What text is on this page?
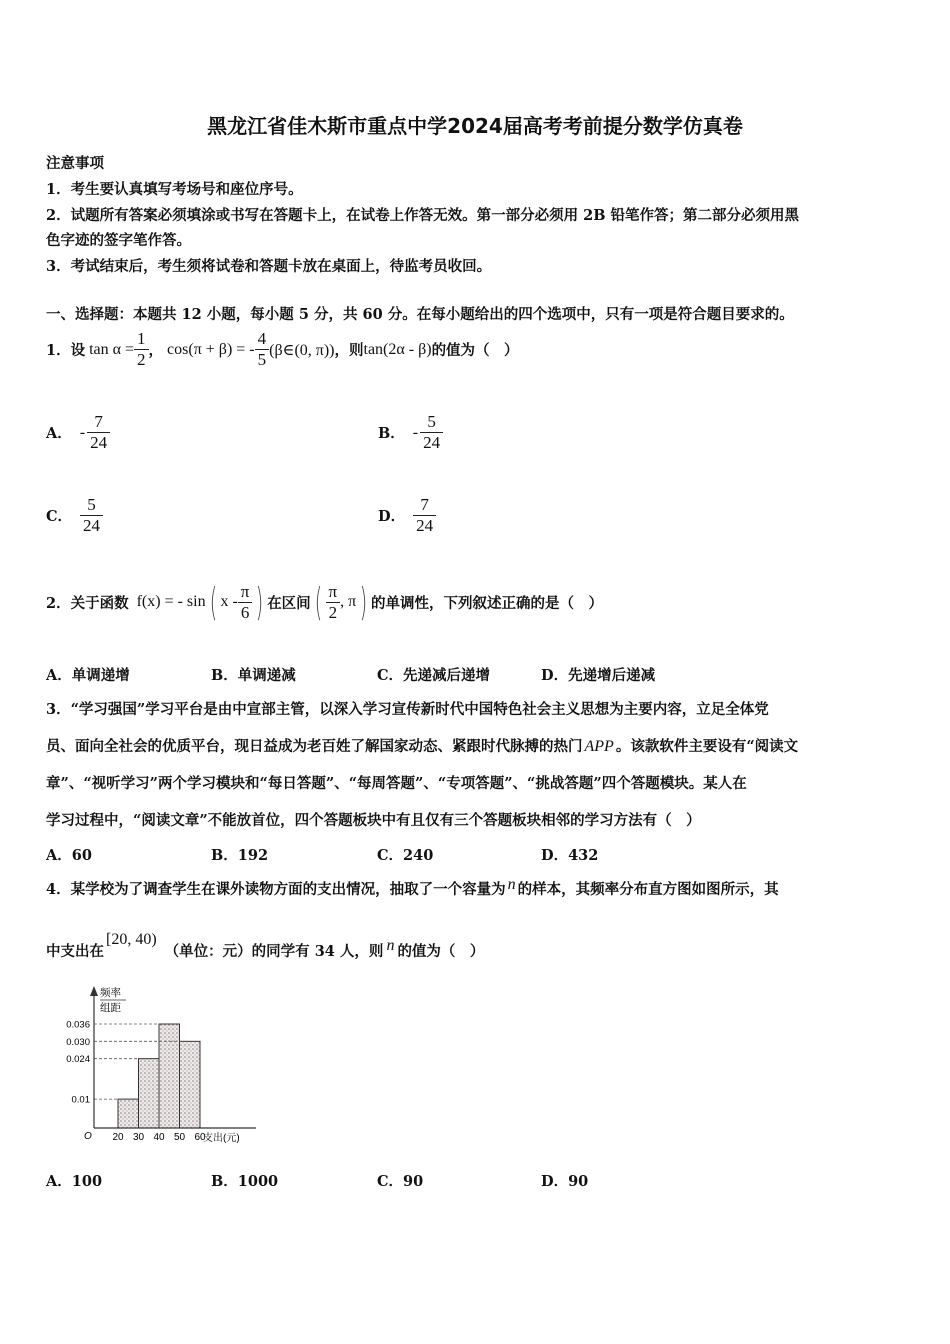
黑龙江省佳木斯市重点中学2024届高考考前提分数学仿真卷
注意事项
1．考生要认真填写考场号和座位序号。
2．试题所有答案必须填涂或书写在答题卡上，在试卷上作答无效。第一部分必须用 2B 铅笔作答；第二部分必须用黑
色字迹的签字笔作答。
3．考试结束后，考生须将试卷和答题卡放在桌面上，待监考员收回。
一、选择题：本题共 12 小题，每小题 5 分，共 60 分。在每小题给出的四个选项中，只有一项是符合题目要求的。
1．设 $\tan \alpha = \frac{1}{2}$ ， cos(π + β) = - $\frac{4}{5}$ (β∈(0, π)) ，则 tan(2α - β) 的值为（　）
A． - $\frac{7}{24}$	B． - $\frac{5}{24}$
C． $\frac{5}{24}$	D． $\frac{7}{24}$
2．关于函数 f(x) = - sin ( x - $\frac{\pi}{6}$ ) 在区间 ( $\frac{\pi}{2}$ , π ) 的单调性，下列叙述正确的是（　）
A．单调递增	B．单调递减	C．先递减后递增	D．先递增后递减
3．“学习强国”学习平台是由中宣部主管，以深入学习宣传新时代中国特色社会主义思想为主要内容，立足全体党
员、面向全社会的优质平台，现日益成为老百姓了解国家动态、紧跟时代脉搏的热门 APP 。该款软件主要设有“阅读文
章”、“视听学习”两个学习模块和“每日答题”、“每周答题”、“专项答题”、“挑战答题”四个答题模块。某人在
学习过程中，“阅读文章”不能放首位，四个答题板块中有且仅有三个答题板块相邻的学习方法有（　）
A．60	B．192	C．240	D．432
4．某学校为了调查学生在课外读物方面的支出情况，抽取了一个容量为 n 的样本，其频率分布直方图如图所示，其
中支出在[20, 40)（单位：元）的同学有 34 人，则 n 的值为（　）
频率
组距
O
0.036
0.030
0.024
0.01
20 30 40 50 60
支出(元)
A．100	B．1000	C．90	D．90
